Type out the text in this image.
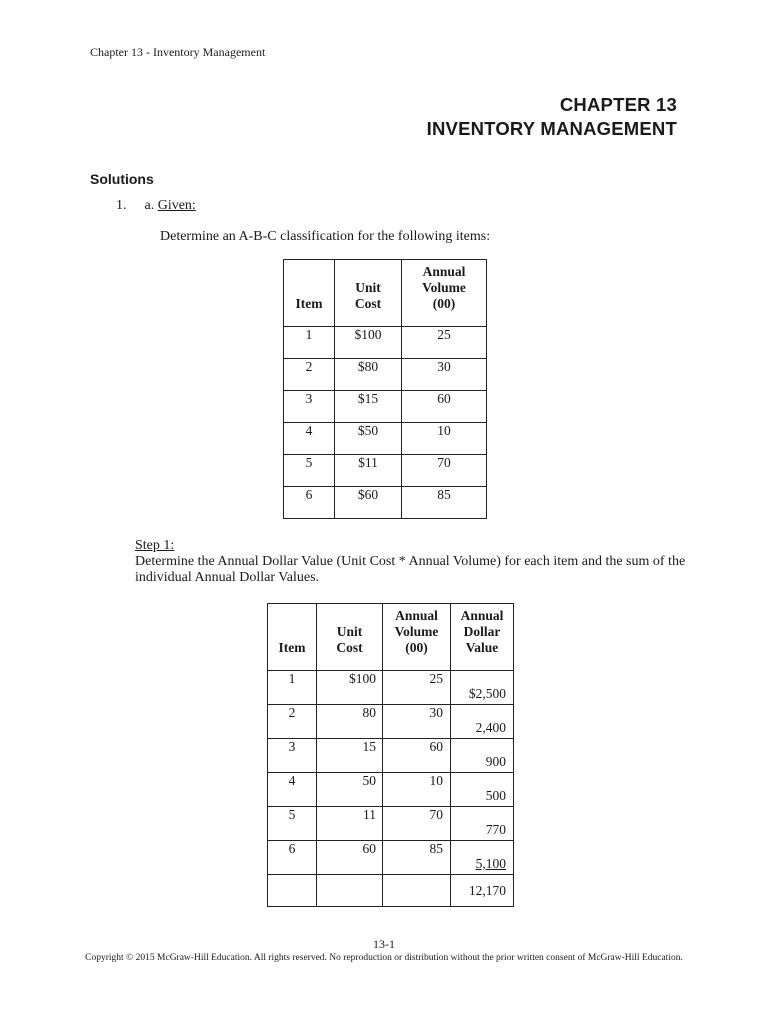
Chapter 13 - Inventory Management
CHAPTER 13
INVENTORY MANAGEMENT
Solutions
1. a. Given:
Determine an A-B-C classification for the following items:
Item	Unit Cost	Annual Volume (00)
1	$100	25
2	$80	30
3	$15	60
4	$50	10
5	$11	70
6	$60	85
Step 1:
Determine the Annual Dollar Value (Unit Cost * Annual Volume) for each item and the sum of the individual Annual Dollar Values.
Item	Unit Cost	Annual Volume (00)	Annual Dollar Value
1	$100	25	$2,500
2	80	30	2,400
3	15	60	900
4	50	10	500
5	11	70	770
6	60	85	5,100
			12,170
13-1
Copyright © 2015 McGraw-Hill Education. All rights reserved. No reproduction or distribution without the prior written consent of McGraw-Hill Education.
